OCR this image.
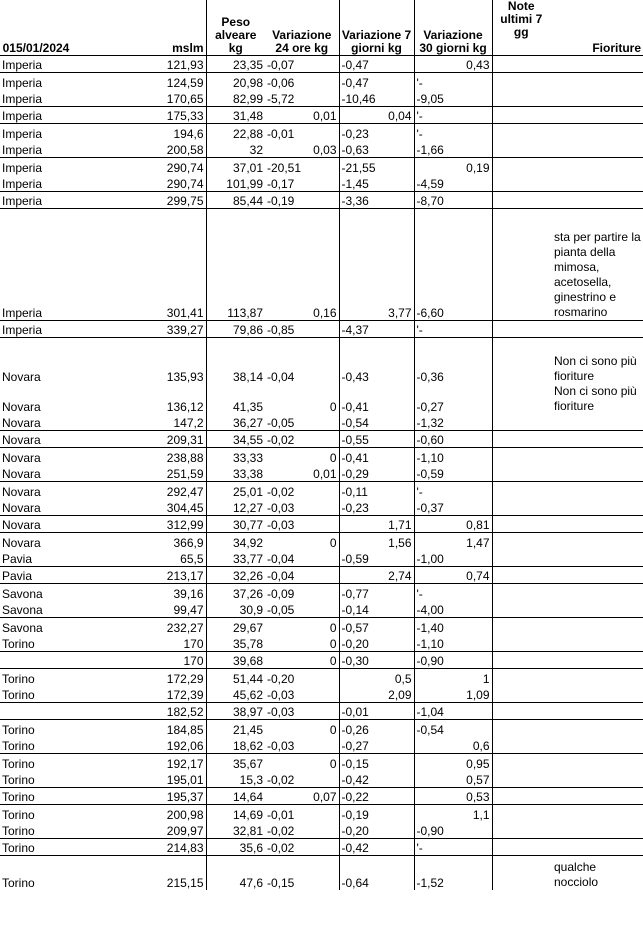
015/01/2024	mslm	Peso alveare kg	Variazione 24 ore kg	Variazione 7 giorni kg	Variazione 30 giorni kg	Note ultimi 7 gg	Fioriture
Imperia	121,93	23,35	-0,07	-0,47	0,43		
Imperia	124,59	20,98	-0,06	-0,47	'-		
Imperia	170,65	82,99	-5,72	-10,46	-9,05		
Imperia	175,33	31,48	0,01	0,04	'-		
Imperia	194,6	22,88	-0,01	-0,23	'-		
Imperia	200,58	32	0,03	-0,63	-1,66		
Imperia	290,74	37,01	-20,51	-21,55	0,19		
Imperia	290,74	101,99	-0,17	-1,45	-4,59		
Imperia	299,75	85,44	-0,19	-3,36	-8,70		
Imperia	301,41	113,87	0,16	3,77	-6,60		sta per partire la pianta della mimosa, acetosella, ginestrino e rosmarino
Imperia	339,27	79,86	-0,85	-4,37	'-		
Novara	135,93	38,14	-0,04	-0,43	-0,36		Non ci sono più fioriture
Novara	136,12	41,35	0	-0,41	-0,27		Non ci sono più fioriture
Novara	147,2	36,27	-0,05	-0,54	-1,32		
Novara	209,31	34,55	-0,02	-0,55	-0,60		
Novara	238,88	33,33	0	-0,41	-1,10		
Novara	251,59	33,38	0,01	-0,29	-0,59		
Novara	292,47	25,01	-0,02	-0,11	'-		
Novara	304,45	12,27	-0,03	-0,23	-0,37		
Novara	312,99	30,77	-0,03	1,71	0,81		
Novara	366,9	34,92	0	1,56	1,47		
Pavia	65,5	33,77	-0,04	-0,59	-1,00		
Pavia	213,17	32,26	-0,04	2,74	0,74		
Savona	39,16	37,26	-0,09	-0,77	'-		
Savona	99,47	30,9	-0,05	-0,14	-4,00		
Savona	232,27	29,67	0	-0,57	-1,40		
Torino	170	35,78	0	-0,20	-1,10		
	170	39,68	0	-0,30	-0,90		
Torino	172,29	51,44	-0,20	0,5	1		
Torino	172,39	45,62	-0,03	2,09	1,09		
	182,52	38,97	-0,03	-0,01	-1,04		
Torino	184,85	21,45	0	-0,26	-0,54		
Torino	192,06	18,62	-0,03	-0,27	0,6		
Torino	192,17	35,67	0	-0,15	0,95		
Torino	195,01	15,3	-0,02	-0,42	0,57		
Torino	195,37	14,64	0,07	-0,22	0,53		
Torino	200,98	14,69	-0,01	-0,19	1,1		
Torino	209,97	32,81	-0,02	-0,20	-0,90		
Torino	214,83	35,6	-0,02	-0,42	'-		
Torino	215,15	47,6	-0,15	-0,64	-1,52		qualche nocciolo
